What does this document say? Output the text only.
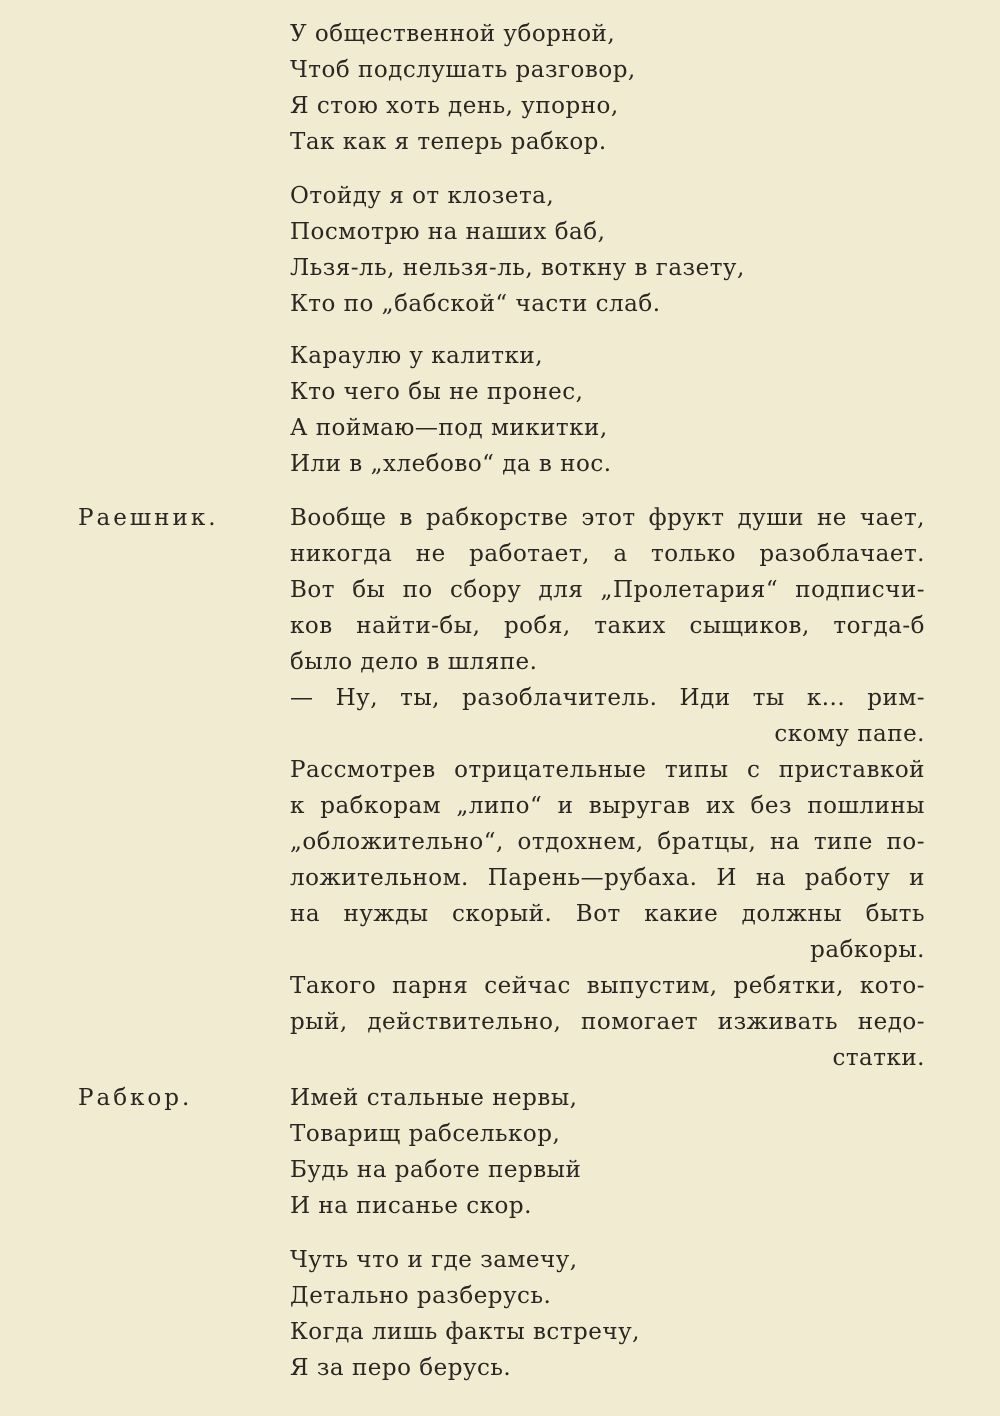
У общественной уборной,
Чтоб подслушать разговор,
Я стою хоть день, упорно,
Так как я теперь рабкор.
Отойду я от клозета,
Посмотрю на наших баб,
Льзя-ль, нельзя-ль, воткну в газету,
Кто по „бабской“ части слаб.
Караулю у калитки,
Кто чего бы не пронес,
А поймаю—под микитки,
Или в „хлебово“ да в нос.
Раешник.	Вообще в рабкорстве этот фрукт души не чает,
никогда не работает, а только разоблачает.
Вот бы по сбору для „Пролетария“ подписчи-
ков найти-бы, робя, таких сыщиков, тогда-б
было дело в шляпе.
— Ну, ты, разоблачитель. Иди ты к... рим-
скому папе.
Рассмотрев отрицательные типы с приставкой
к рабкорам „липо“ и выругав их без пошлины
„обложительно“, отдохнем, братцы, на типе по-
ложительном. Парень—рубаха. И на работу и
на нужды скорый. Вот какие должны быть
рабкоры.
Такого парня сейчас выпустим, ребятки, кото-
рый, действительно, помогает изживать недо-
статки.
Рабкор.	Имей стальные нервы,
Товарищ рабселькор,
Будь на работе первый
И на писанье скор.
Чуть что и где замечу,
Детально разберусь.
Когда лишь факты встречу,
Я за перо берусь.
